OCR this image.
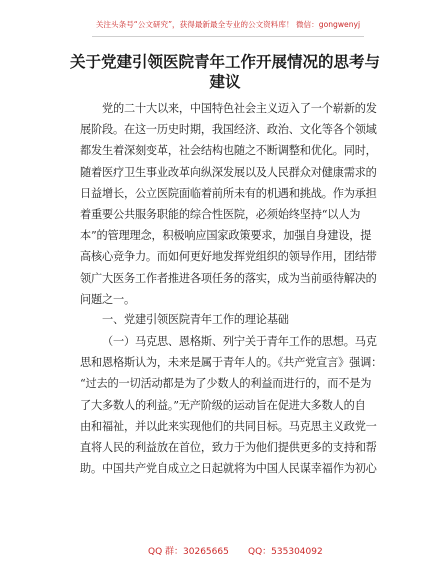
关注头条号“公文研究”，获得最新最全专业的公文资料库！ 微信：gongwenyj
关于党建引领医院青年工作开展情况的思考与
建议
党的二十大以来，中国特色社会主义迈入了一个崭新的发
展阶段。在这一历史时期，我国经济、政治、文化等各个领域
都发生着深刻变革，社会结构也随之不断调整和优化。同时，
随着医疗卫生事业改革向纵深发展以及人民群众对健康需求的
日益增长，公立医院面临着前所未有的机遇和挑战。作为承担
着重要公共服务职能的综合性医院，必须始终坚持“以人为
本”的管理理念，积极响应国家政策要求，加强自身建设，提
高核心竞争力。而如何更好地发挥党组织的领导作用，团结带
领广大医务工作者推进各项任务的落实，成为当前亟待解决的
问题之一。
一、党建引领医院青年工作的理论基础
（一）马克思、恩格斯、列宁关于青年工作的思想。马克
思和恩格斯认为，未来是属于青年人的。《共产党宣言》强调：
“过去的一切活动都是为了少数人的利益而进行的，而不是为
了大多数人的利益。”无产阶级的运动旨在促进大多数人的自
由和福祉，并以此来实现他们的共同目标。马克思主义政党一
直将人民的利益放在首位，致力于为他们提供更多的支持和帮
助。中国共产党自成立之日起就将为中国人民谋幸福作为初心
QQ 群：30265665 QQ：535304092
